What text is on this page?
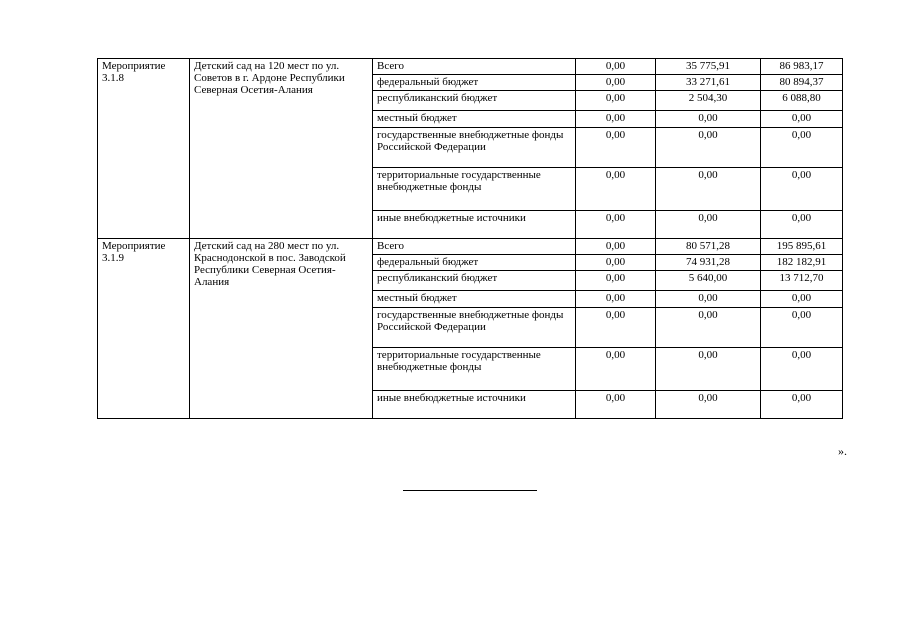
Мероприятие 3.1.8	Детский сад на 120 мест по ул. Советов в г. Ардоне Республики Северная Осетия-Алания	Всего	0,00	35 775,91	86 983,17
		федеральный бюджет	0,00	33 271,61	80 894,37
		республиканский бюджет	0,00	2 504,30	6 088,80
		местный бюджет	0,00	0,00	0,00
		государственные внебюджетные фонды Российской Федерации	0,00	0,00	0,00
		территориальные государственные внебюджетные фонды	0,00	0,00	0,00
		иные внебюджетные источники	0,00	0,00	0,00
Мероприятие 3.1.9	Детский сад на 280 мест по ул. Краснодонской в пос. Заводской Республики Северная Осетия-Алания	Всего	0,00	80 571,28	195 895,61
		федеральный бюджет	0,00	74 931,28	182 182,91
		республиканский бюджет	0,00	5 640,00	13 712,70
		местный бюджет	0,00	0,00	0,00
		государственные внебюджетные фонды Российской Федерации	0,00	0,00	0,00
		территориальные государственные внебюджетные фонды	0,00	0,00	0,00
		иные внебюджетные источники	0,00	0,00	0,00
».
